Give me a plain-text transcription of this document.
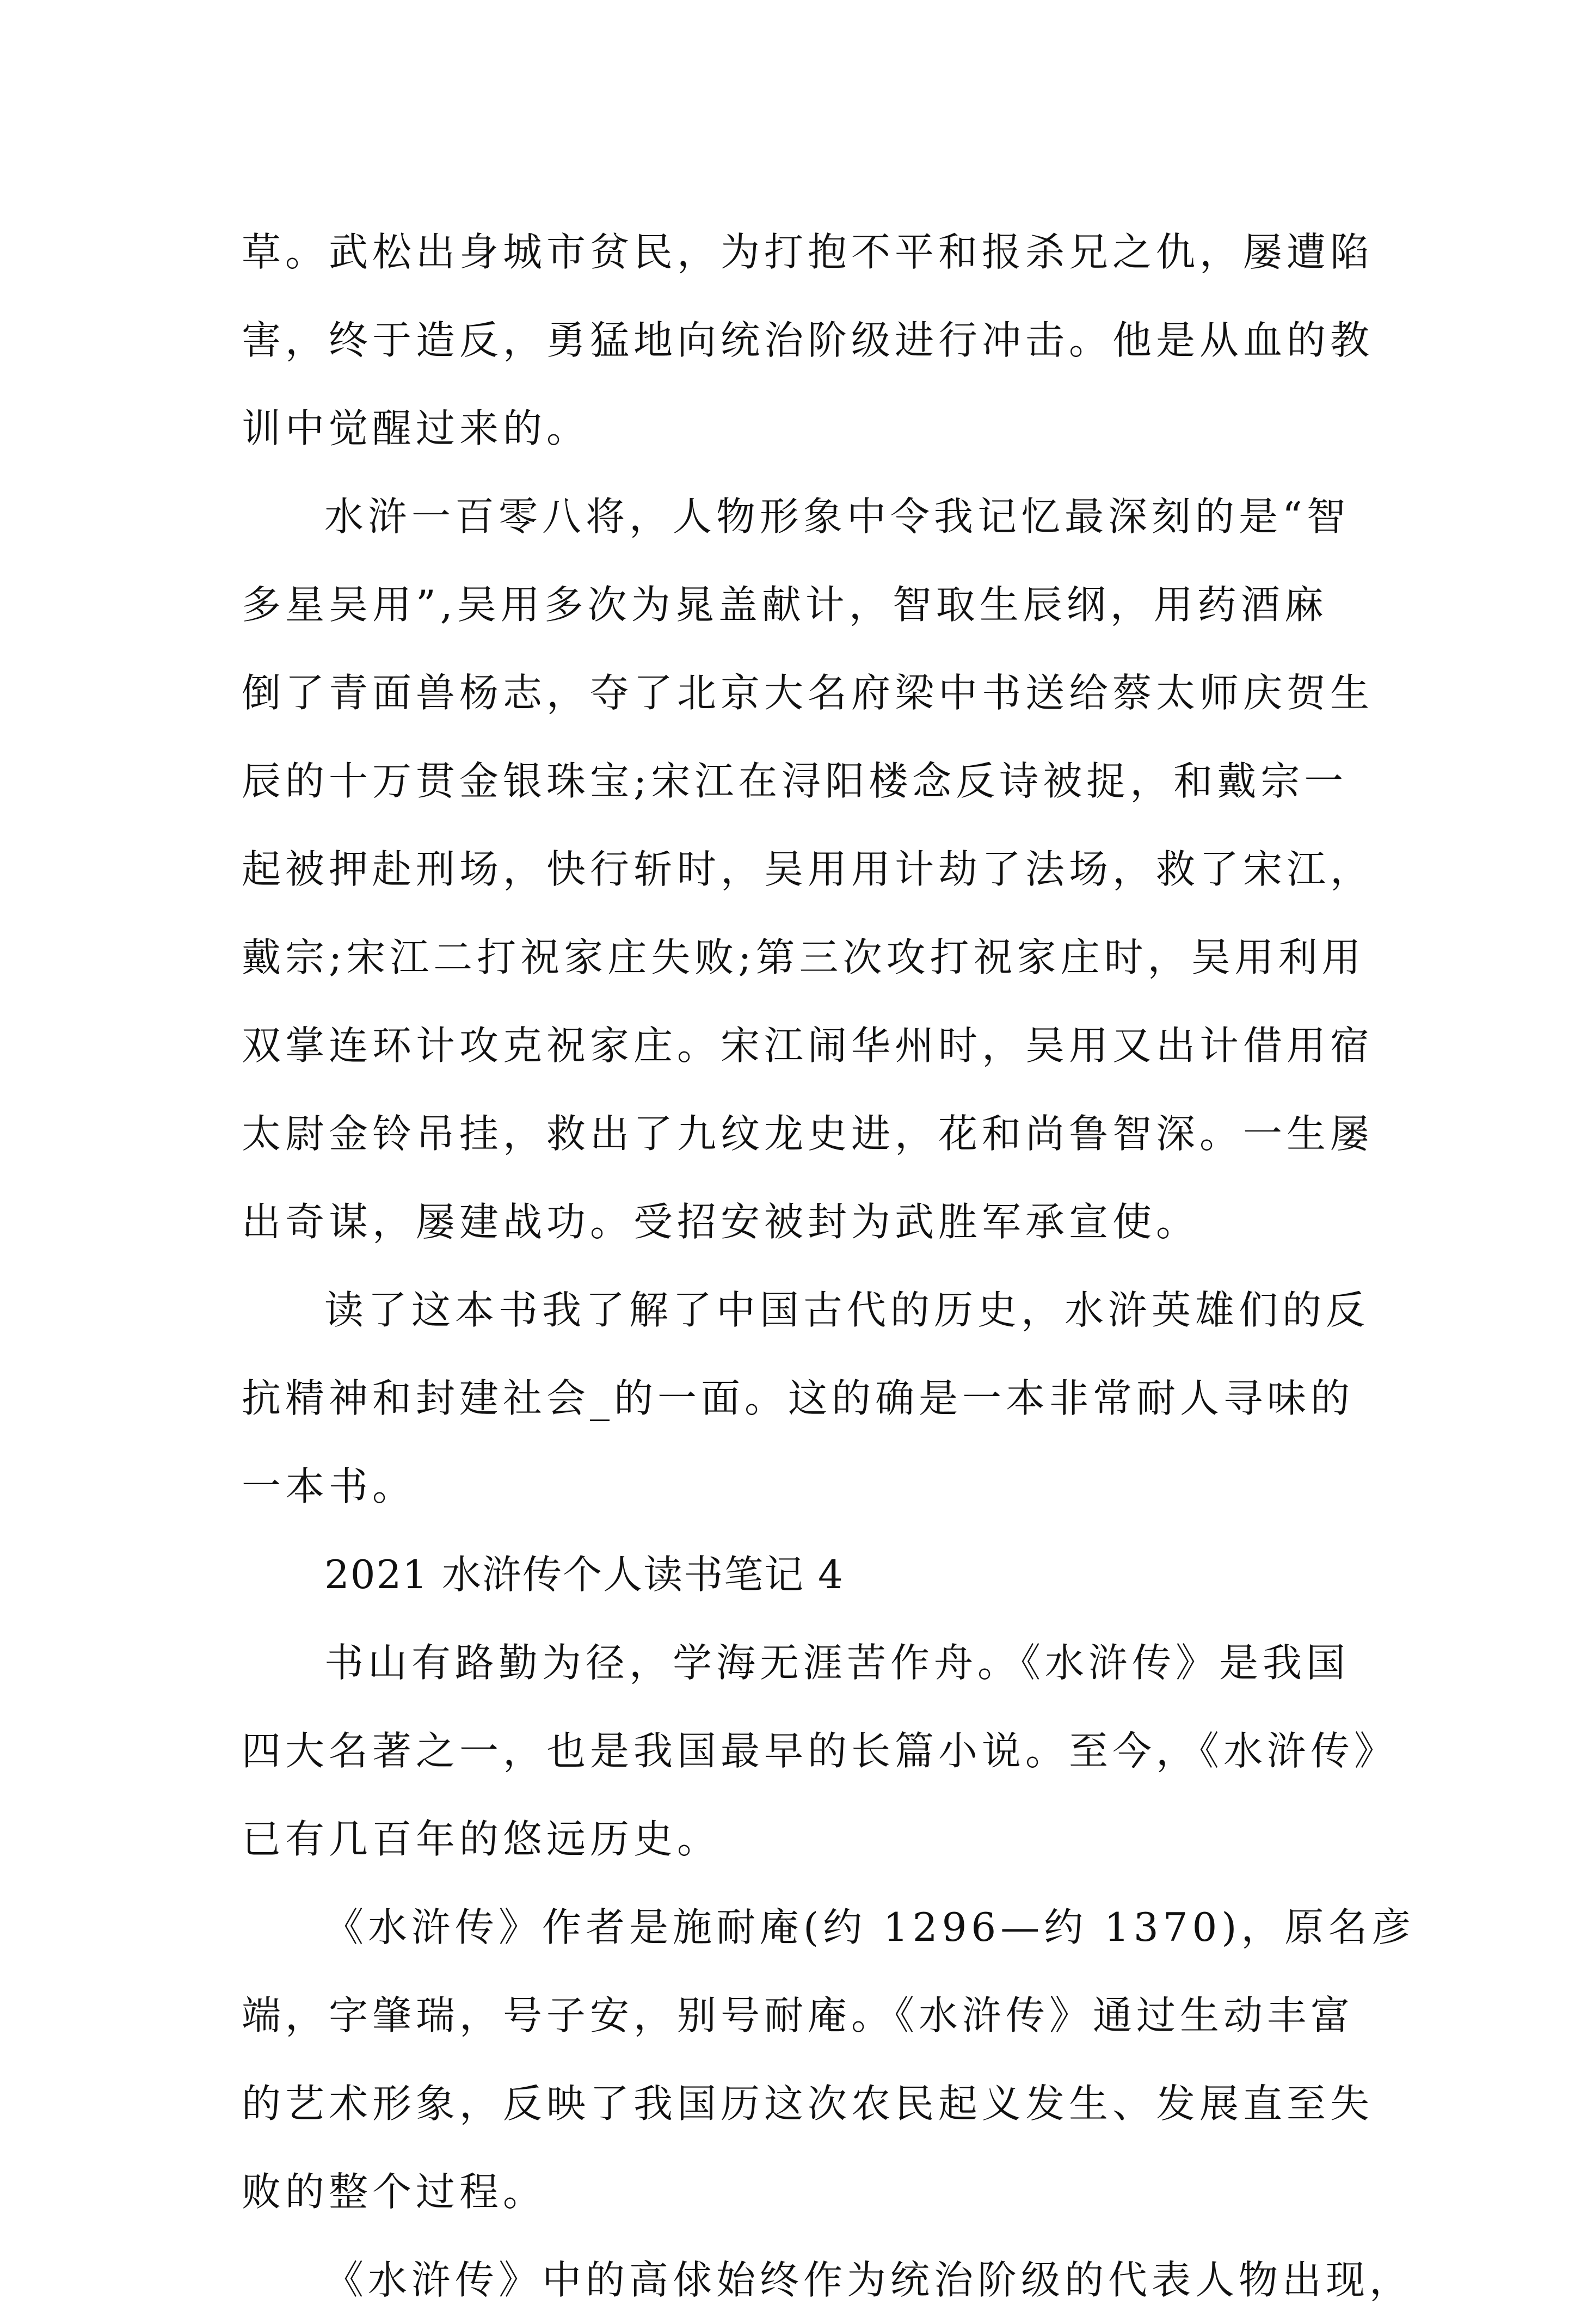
草。武松出身城市贫民，为打抱不平和报杀兄之仇，屡遭陷
害，终于造反，勇猛地向统治阶级进行冲击。他是从血的教
训中觉醒过来的。
水浒一百零八将，人物形象中令我记忆最深刻的是“智
多星吴用”,吴用多次为晁盖献计，智取生辰纲，用药酒麻
倒了青面兽杨志，夺了北京大名府梁中书送给蔡太师庆贺生
辰的十万贯金银珠宝;宋江在浔阳楼念反诗被捉，和戴宗一
起被押赴刑场，快行斩时，吴用用计劫了法场，救了宋江，
戴宗;宋江二打祝家庄失败;第三次攻打祝家庄时，吴用利用
双掌连环计攻克祝家庄。宋江闹华州时，吴用又出计借用宿
太尉金铃吊挂，救出了九纹龙史进，花和尚鲁智深。一生屡
出奇谋，屡建战功。受招安被封为武胜军承宣使。
读了这本书我了解了中国古代的历史，水浒英雄们的反
抗精神和封建社会_的一面。这的确是一本非常耐人寻味的
一本书。
2021 水浒传个人读书笔记 4
书山有路勤为径，学海无涯苦作舟。《水浒传》是我国
四大名著之一，也是我国最早的长篇小说。至今，《水浒传》
已有几百年的悠远历史。
《水浒传》作者是施耐庵(约 1296—约 1370)，原名彦
端，字肇瑞，号子安，别号耐庵。《水浒传》通过生动丰富
的艺术形象，反映了我国历这次农民起义发生、发展直至失
败的整个过程。
《水浒传》中的高俅始终作为统治阶级的代表人物出现，
